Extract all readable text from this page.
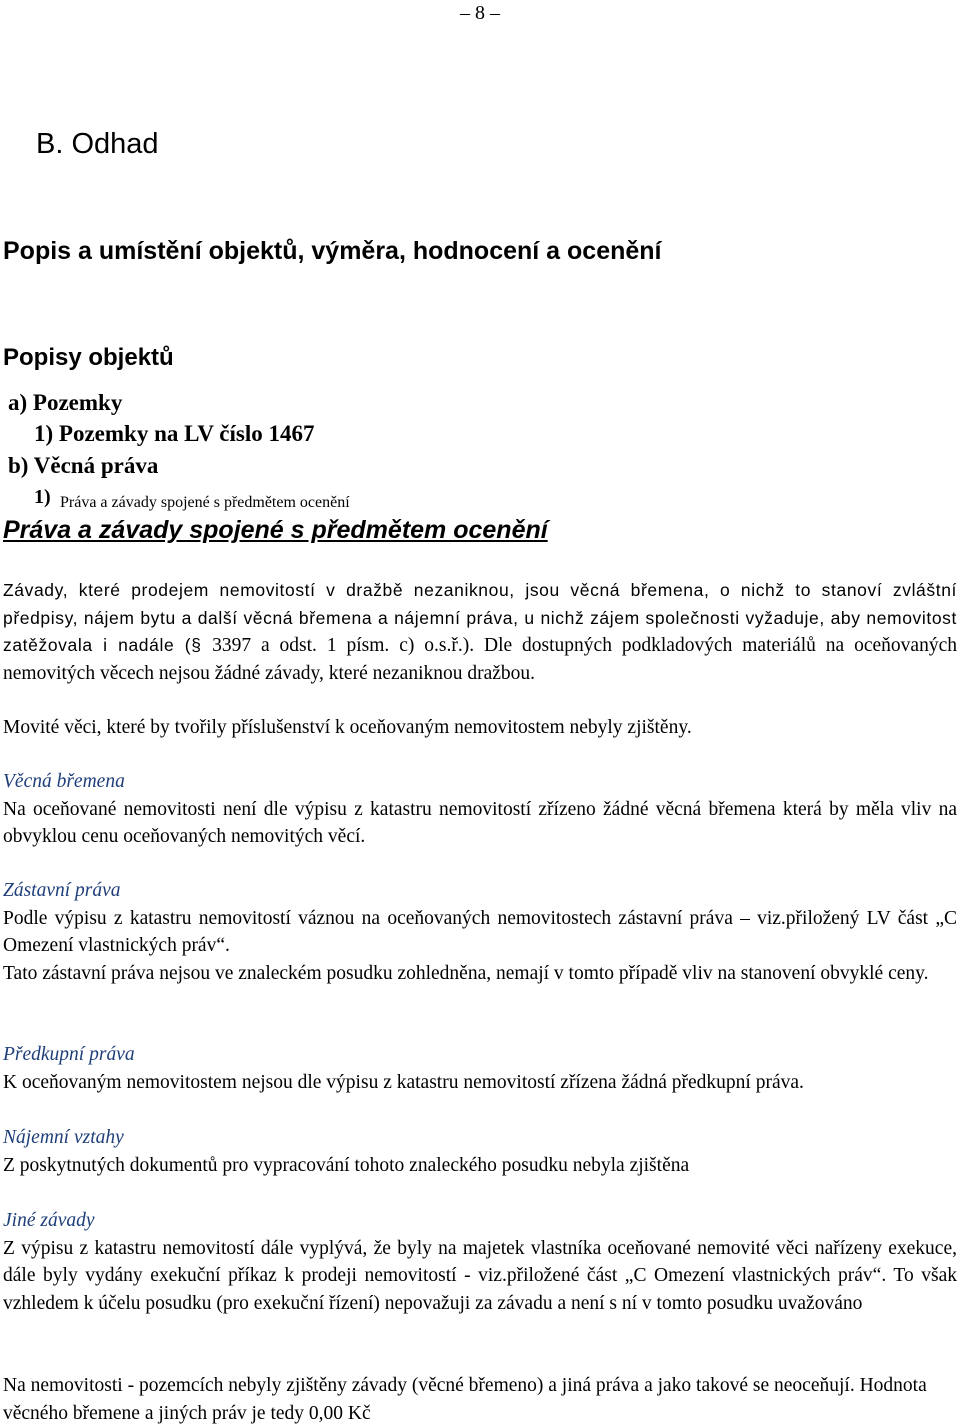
– 8 –
B. Odhad
Popis a umístění objektů, výměra, hodnocení a ocenění
Popisy objektů
a) Pozemky
1) Pozemky na LV číslo 1467
b) Věcná práva
1) Práva a závady spojené s předmětem ocenění
Práva a závady spojené s předmětem ocenění

Závady, které prodejem nemovitostí v dražbě nezaniknou, jsou věcná břemena, o nichž to stanoví zvláštní předpisy, nájem bytu a další věcná břemena a nájemní práva, u nichž zájem společnosti vyžaduje, aby nemovitost zatěžovala i nadále (§ 3397 a odst. 1 písm. c) o.s.ř.). Dle dostupných podkladových materiálů na oceňovaných nemovitých věcech nejsou žádné závady, které nezaniknou dražbou.

Movité věci, které by tvořily příslušenství k oceňovaným nemovitostem nebyly zjištěny.

Věcná břemena

Na oceňované nemovitosti není dle výpisu z katastru nemovitostí zřízeno žádné věcná břemena která by měla vliv na obvyklou cenu oceňovaných nemovitých věcí.

Zástavní práva

Podle výpisu z katastru nemovitostí váznou na oceňovaných nemovitostech zástavní práva – viz.přiložený LV část „C Omezení vlastnických práv“.

Tato zástavní práva nejsou ve znaleckém posudku zohledněna, nemají v tomto případě vliv na stanovení obvyklé ceny.

Předkupní práva

K oceňovaným nemovitostem nejsou dle výpisu z katastru nemovitostí zřízena žádná předkupní práva.

Nájemní vztahy

Z poskytnutých dokumentů pro vypracování tohoto znaleckého posudku nebyla zjištěna

Jiné závady

Z výpisu z katastru nemovitostí dále vyplývá, že byly na majetek vlastníka oceňované nemovité věci nařízeny exekuce, dále byly vydány exekuční příkaz k prodeji nemovitostí - viz.přiložené část „C Omezení vlastnických práv“. To však vzhledem k účelu posudku (pro exekuční řízení) nepovažuji za závadu a není s ní v tomto posudku uvažováno

Na nemovitosti - pozemcích nebyly zjištěny závady (věcné břemeno) a jiná práva a jako takové se neoceňují. Hodnota věcného břemene a jiných práv je tedy 0,00 Kč
